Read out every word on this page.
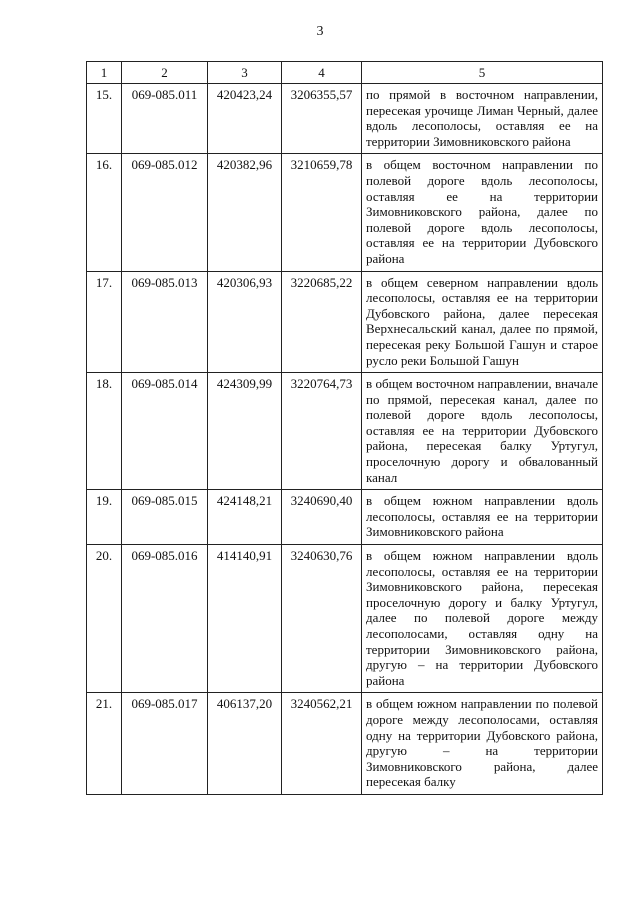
3
1	2	3	4	5
15.	069-085.011	420423,24	3206355,57	по прямой в восточном направлении, пересекая урочище Лиман Черный, далее вдоль лесополосы, оставляя ее на территории Зимовниковского района
16.	069-085.012	420382,96	3210659,78	в общем восточном направлении по полевой дороге вдоль лесополосы, оставляя ее на территории Зимовниковского района, далее по полевой дороге вдоль лесополосы, оставляя ее на территории Дубовского района
17.	069-085.013	420306,93	3220685,22	в общем северном направлении вдоль лесополосы, оставляя ее на территории Дубовского района, далее пересекая Верхнесальский канал, далее по прямой, пересекая реку Большой Гашун и старое русло реки Большой Гашун
18.	069-085.014	424309,99	3220764,73	в общем восточном направлении, вначале по прямой, пересекая канал, далее по полевой дороге вдоль лесополосы, оставляя ее на территории Дубовского района, пересекая балку Уртугул, проселочную дорогу и обвалованный канал
19.	069-085.015	424148,21	3240690,40	в общем южном направлении вдоль лесополосы, оставляя ее на территории Зимовниковского района
20.	069-085.016	414140,91	3240630,76	в общем южном направлении вдоль лесополосы, оставляя ее на территории Зимовниковского района, пересекая проселочную дорогу и балку Уртугул, далее по полевой дороге между лесополосами, оставляя одну на территории Зимовниковского района, другую – на территории Дубовского района
21.	069-085.017	406137,20	3240562,21	в общем южном направлении по полевой дороге между лесополосами, оставляя одну на территории Дубовского района, другую – на территории Зимовниковского района, далее пересекая балку
